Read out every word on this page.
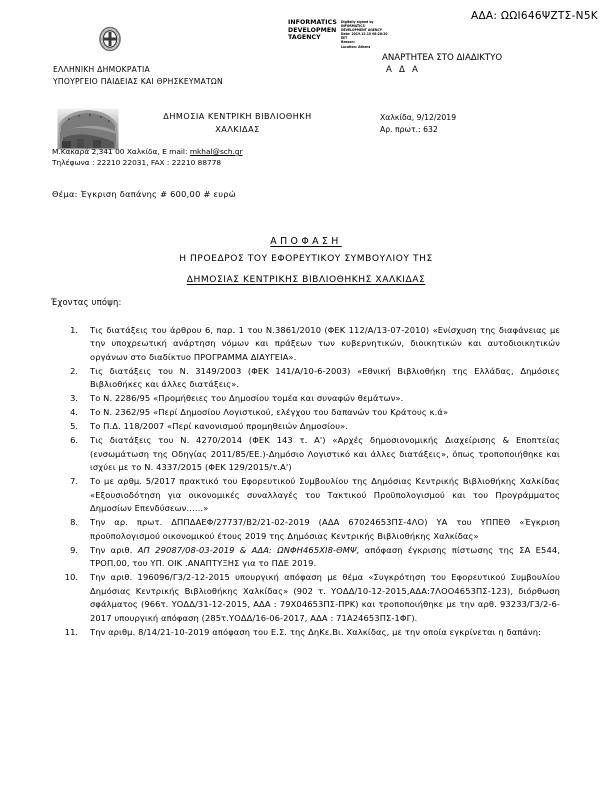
ΑΔΑ: ΩΩΙ646ΨΖΤΣ-Ν5Κ
INFORMATICS
DEVELOPMEN
TAGENCY
Digitally signed by
INFORMATICS
DEVELOPMENT AGENCY
Date: 2019.12.10 08:28:20
EET
Reason:
Location: Athens
ΑΝΑΡΤΗΤΕΑ ΣΤΟ ΔΙΑΔΙΚΤΥΟ
Α Δ Α
ΕΛΛΗΝΙΚΗ ΔΗΜΟΚΡΑΤΙΑ
ΥΠΟΥΡΓΕΙΟ ΠΑΙΔΕΙΑΣ ΚΑΙ ΘΡΗΣΚΕΥΜΑΤΩΝ
ΔΗΜΟΣΙΑ ΚΕΝΤΡΙΚΗ ΒΙΒΛΙΟΘΗΚΗ
ΧΑΛΚΙΔΑΣ
Χαλκίδα, 9/12/2019
Αρ. πρωτ.: 632
Μ.Κακαρά 2,341 00 Χαλκίδα, E mail: mkhal@sch.gr
Τηλέφωνα : 22210 22031, FAX : 22210 88778
Θέμα: Έγκριση δαπάνης # 600,00 # ευρώ
ΑΠΟΦΑΣΗ
Η ΠΡΟΕΔΡΟΣ ΤΟΥ ΕΦΟΡΕΥΤΙΚΟΥ ΣΥΜΒΟΥΛΙΟΥ ΤΗΣ
ΔΗΜΟΣΙΑΣ ΚΕΝΤΡΙΚΗΣ ΒΙΒΛΙΟΘΗΚΗΣ ΧΑΛΚΙΔΑΣ
Έχοντας υπόψη:
1.	Τις διατάξεις του άρθρου 6, παρ. 1 του Ν.3861/2010 (ΦΕΚ 112/Α/13-07-2010) «Ενίσχυση της διαφάνειας με την υποχρεωτική ανάρτηση νόμων και πράξεων των κυβερνητικών, διοικητικών και αυτοδιοικητικών οργάνων στο διαδίκτυο ΠΡΟΓΡΑΜΜΑ ΔΙΑΥΓΕΙΑ».
2.	Τις διατάξεις του Ν. 3149/2003 (ΦΕΚ 141/Α/10-6-2003) «Εθνική Βιβλιοθήκη της Ελλάδας, Δημόσιες Βιβλιοθήκες και άλλες διατάξεις».
3.	Το Ν. 2286/95 «Προμήθειες του Δημοσίου τομέα και συναφών θεμάτων».
4.	Το Ν. 2362/95 «Περί Δημοσίου Λογιστικού, ελέγχου του δαπανών του Κράτους κ.ά»
5.	Το Π.Δ. 118/2007 «Περί κανονισμού προμηθειών Δημοσίου».
6.	Τις διατάξεις του Ν. 4270/2014 (ΦΕΚ 143 τ. Α') «Αρχές δημοσιονομικής Διαχείρισης & Εποπτείας (ενσωμάτωση της Οδηγίας 2011/85/ΕΕ.)-Δημόσιο Λογιστικό και άλλες διατάξεις», όπως τροποποιήθηκε και ισχύει με το Ν. 4337/2015 (ΦΕΚ 129/2015/τ.Α')
7.	Το με αρθμ. 5/2017 πρακτικό του Εφορευτικού Συμβουλίου της Δημόσιας Κεντρικής Βιβλιοθήκης Χαλκίδας «Εξουσιοδότηση για οικονομικές συναλλαγές του Τακτικού Προϋπολογισμού και του Προγράμματος Δημοσίων Επενδύσεων……»
8.	Την αρ. πρωτ. ΔΠΠΔΑΕΦ/27737/Β2/21-02-2019 (ΑΔΑ 67024653ΠΣ-4ΛΟ) ΥΑ του ΥΠΠΕΘ «Έγκριση προϋπολογισμού οικονομικού έτους 2019 της Δημόσιας Κεντρικής Βιβλιοθήκης Χαλκίδας»
9.	Την αριθ. ΑΠ 29087/08-03-2019 & ΑΔΑ: ΩΝΦΗ465ΧΙ8-ΘΜΨ, απόφαση έγκρισης πίστωσης της ΣΑ Ε544, ΤΡΟΠ.00, του ΥΠ. ΟΙΚ .ΑΝΑΠΤΥΞΗΣ για το ΠΔΕ 2019.
10.	Την αριθ. 196096/Γ3/2-12-2015 υπουργική απόφαση με θέμα «Συγκρότηση του Εφορευτικού Συμβουλίου Δημόσιας Κεντρικής Βιβλιοθήκης Χαλκίδας» (902 τ. ΥΟΔΔ/10-12-2015,ΑΔΑ:7ΛΟΟ4653ΠΣ-123), διόρθωση σφάλματος (966τ. ΥΟΔΔ/31-12-2015, ΑΔΑ : 79Χ04653ΠΣ-ΠΡΚ) και τροποποιήθηκε με την αρθ. 93233/Γ3/2-6-2017 υπουργική απόφαση (285τ.ΥΟΔΔ/16-06-2017, ΑΔΑ : 71Α24653ΠΣ-1ΦΓ).
11.	Την αριθμ. 8/14/21-10-2019 απόφαση του Ε.Σ. της ΔηΚε.Βι. Χαλκίδας, με την οποία εγκρίνεται η δαπάνη:
